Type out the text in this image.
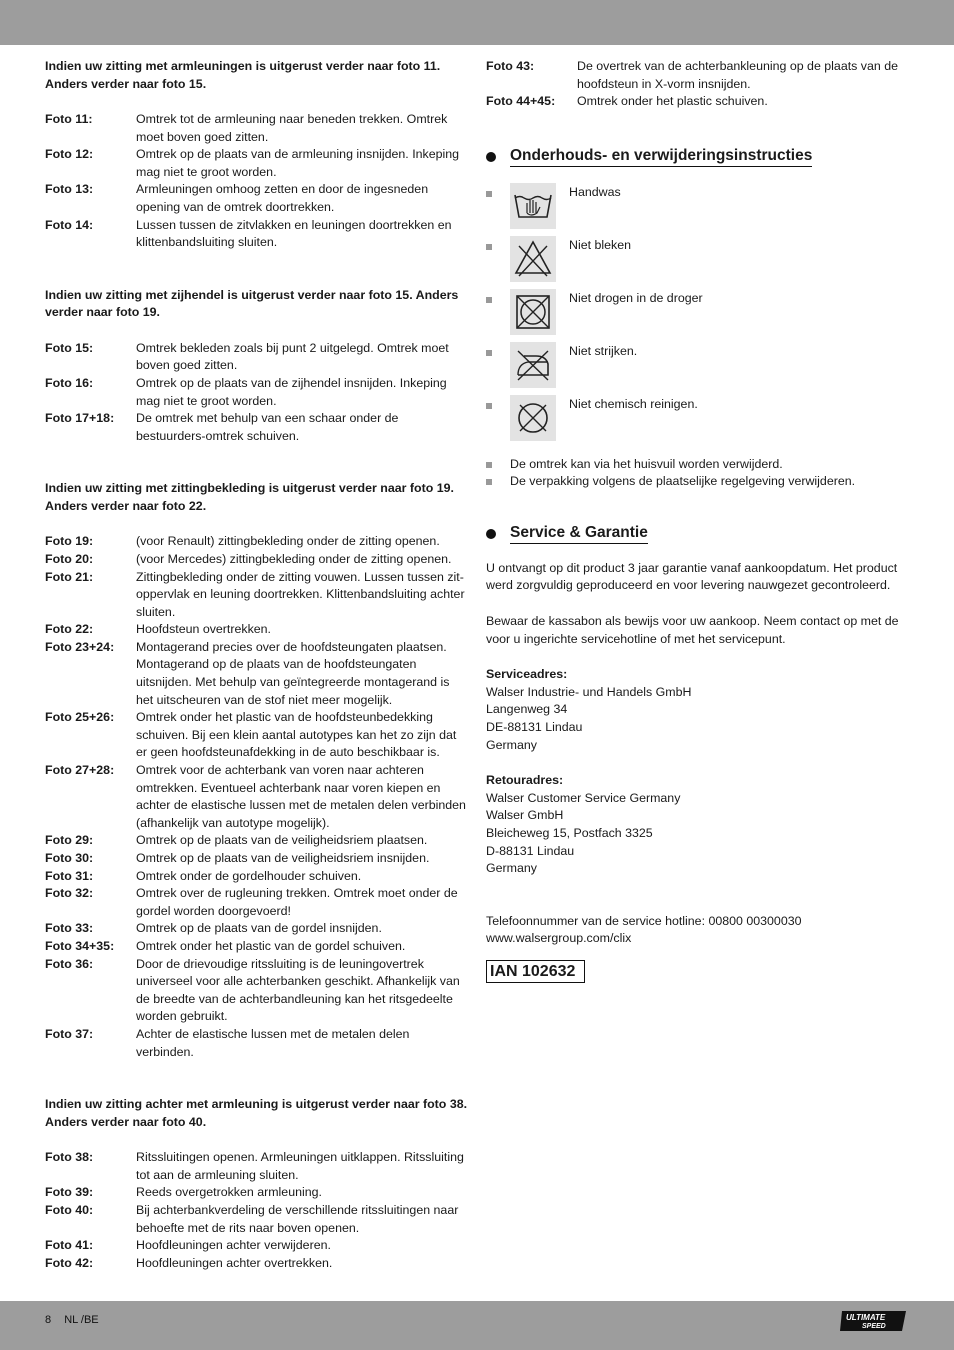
Indien uw zitting met armleuningen is uitgerust verder naar foto 11. Anders verder naar foto 15.
Foto 11:	Omtrek tot de armleuning naar beneden trekken. Omtrek moet boven goed zitten.
Foto 12:	Omtrek op de plaats van de armleuning insnijden. Inkeping mag niet te groot worden.
Foto 13:	Armleuningen omhoog zetten en door de ingesneden opening van de omtrek doortrekken.
Foto 14:	Lussen tussen de zitvlakken en leuningen doortrekken en klittenbandsluiting sluiten.
Indien uw zitting met zijhendel is uitgerust verder naar foto 15. Anders verder naar foto 19.
Foto 15:	Omtrek bekleden zoals bij punt 2 uitgelegd. Omtrek moet boven goed zitten.
Foto 16:	Omtrek op de plaats van de zijhendel insnijden. Inkeping mag niet te groot worden.
Foto 17+18:	De omtrek met behulp van een schaar onder de bestuurders-omtrek schuiven.
Indien uw zitting met zittingbekleding is uitgerust verder naar foto 19. Anders verder naar foto 22.
Foto 19:	(voor Renault) zittingbekleding onder de zitting openen.
Foto 20:	(voor Mercedes) zittingbekleding onder de zitting openen.
Foto 21:	Zittingbekleding onder de zitting vouwen. Lussen tussen zit-oppervlak en leuning doortrekken. Klittenbandsluiting achter sluiten.
Foto 22:	Hoofdsteun overtrekken.
Foto 23+24:	Montagerand precies over de hoofdsteungaten plaatsen. Montagerand op de plaats van de hoofdsteungaten uitsnijden. Met behulp van geïntegreerde montagerand is het uitscheuren van de stof niet meer mogelijk.
Foto 25+26:	Omtrek onder het plastic van de hoofdsteunbedekking schuiven. Bij een klein aantal autotypes kan het zo zijn dat er geen hoofdsteunafdekking in de auto beschikbaar is.
Foto 27+28:	Omtrek voor de achterbank van voren naar achteren omtrekken. Eventueel achterbank naar voren kiepen en achter de elastische lussen met de metalen delen verbinden (afhankelijk van autotype mogelijk).
Foto 29:	Omtrek op de plaats van de veiligheidsriem plaatsen.
Foto 30:	Omtrek op de plaats van de veiligheidsriem insnijden.
Foto 31:	Omtrek onder de gordelhouder schuiven.
Foto 32:	Omtrek over de rugleuning trekken. Omtrek moet onder de gordel worden doorgevoerd!
Foto 33:	Omtrek op de plaats van de gordel insnijden.
Foto 34+35:	Omtrek onder het plastic van de gordel schuiven.
Foto 36:	Door de drievoudige ritssluiting is de leuningovertrek universeel voor alle achterbanken geschikt. Afhankelijk van de breedte van de achterbandleuning kan het ritsgedeelte worden gebruikt.
Foto 37:	Achter de elastische lussen met de metalen delen verbinden.
Indien uw zitting achter met armleuning is uitgerust verder naar foto 38. Anders verder naar foto 40.
Foto 38:	Ritssluitingen openen. Armleuningen uitklappen. Ritssluiting tot aan de armleuning sluiten.
Foto 39:	Reeds overgetrokken armleuning.
Foto 40:	Bij achterbankverdeling de verschillende ritssluitingen naar behoefte met de rits naar boven openen.
Foto 41:	Hoofdleuningen achter verwijderen.
Foto 42:	Hoofdleuningen achter overtrekken.
Foto 43:	De overtrek van de achterbankleuning op de plaats van de hoofdsteun in X-vorm insnijden.
Foto 44+45:	Omtrek onder het plastic schuiven.
Onderhouds- en verwijderingsinstructies
Handwas
Niet bleken
Niet drogen in de droger
Niet strijken.
Niet chemisch reinigen.
De omtrek kan via het huisvuil worden verwijderd.
De verpakking volgens de plaatselijke regelgeving verwijderen.
Service & Garantie
U ontvangt op dit product 3 jaar garantie vanaf aankoopdatum. Het product werd zorgvuldig geproduceerd en voor levering nauwgezet gecontroleerd.
Bewaar de kassabon als bewijs voor uw aankoop. Neem contact op met de voor u ingerichte servicehotline of met het servicepunt.
Serviceadres:
Walser Industrie- und Handels GmbH
Langenweg 34
DE-88131 Lindau
Germany
Retouradres:
Walser Customer Service Germany
Walser GmbH
Bleicheweg 15, Postfach 3325
D-88131 Lindau
Germany
Telefoonnummer van de service hotline: 00800 00300030
www.walsergroup.com/clix
IAN 102632
8 NL /BE	ULTIMATE
SPEED
